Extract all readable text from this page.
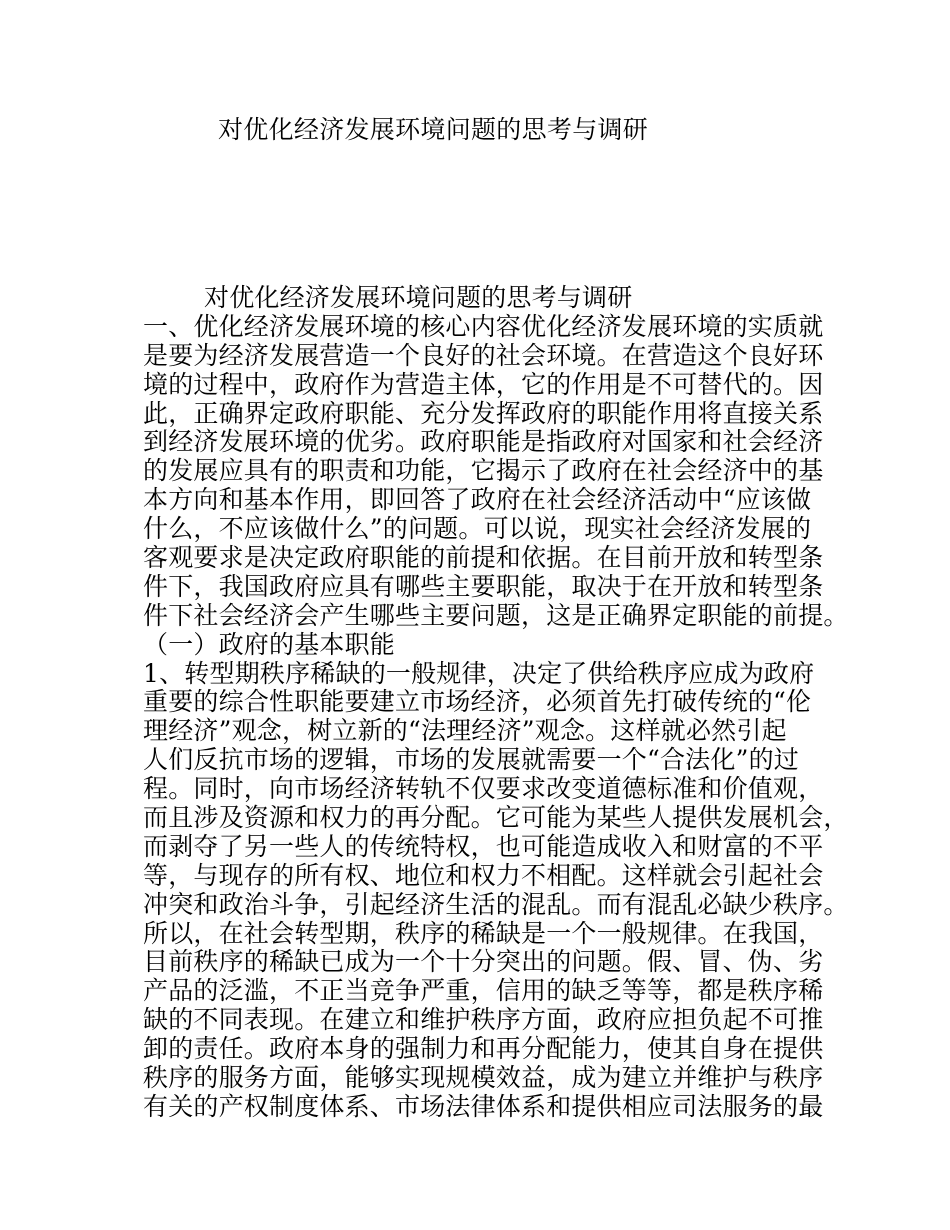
对优化经济发展环境问题的思考与调研
对优化经济发展环境问题的思考与调研
一、优化经济发展环境的核心内容优化经济发展环境的实质就
是要为经济发展营造一个良好的社会环境。在营造这个良好环
境的过程中，政府作为营造主体，它的作用是不可替代的。因
此，正确界定政府职能、充分发挥政府的职能作用将直接关系
到经济发展环境的优劣。政府职能是指政府对国家和社会经济
的发展应具有的职责和功能，它揭示了政府在社会经济中的基
本方向和基本作用，即回答了政府在社会经济活动中“应该做
什么，不应该做什么”的问题。可以说，现实社会经济发展的
客观要求是决定政府职能的前提和依据。在目前开放和转型条
件下，我国政府应具有哪些主要职能，取决于在开放和转型条
件下社会经济会产生哪些主要问题，这是正确界定职能的前提。
（一）政府的基本职能
1、转型期秩序稀缺的一般规律，决定了供给秩序应成为政府
重要的综合性职能要建立市场经济，必须首先打破传统的“伦
理经济”观念，树立新的“法理经济”观念。这样就必然引起
人们反抗市场的逻辑，市场的发展就需要一个“合法化”的过
程。同时，向市场经济转轨不仅要求改变道德标准和价值观，
而且涉及资源和权力的再分配。它可能为某些人提供发展机会，
而剥夺了另一些人的传统特权，也可能造成收入和财富的不平
等，与现存的所有权、地位和权力不相配。这样就会引起社会
冲突和政治斗争，引起经济生活的混乱。而有混乱必缺少秩序。
所以，在社会转型期，秩序的稀缺是一个一般规律。在我国，
目前秩序的稀缺已成为一个十分突出的问题。假、冒、伪、劣
产品的泛滥，不正当竞争严重，信用的缺乏等等，都是秩序稀
缺的不同表现。在建立和维护秩序方面，政府应担负起不可推
卸的责任。政府本身的强制力和再分配能力，使其自身在提供
秩序的服务方面，能够实现规模效益，成为建立并维护与秩序
有关的产权制度体系、市场法律体系和提供相应司法服务的最
